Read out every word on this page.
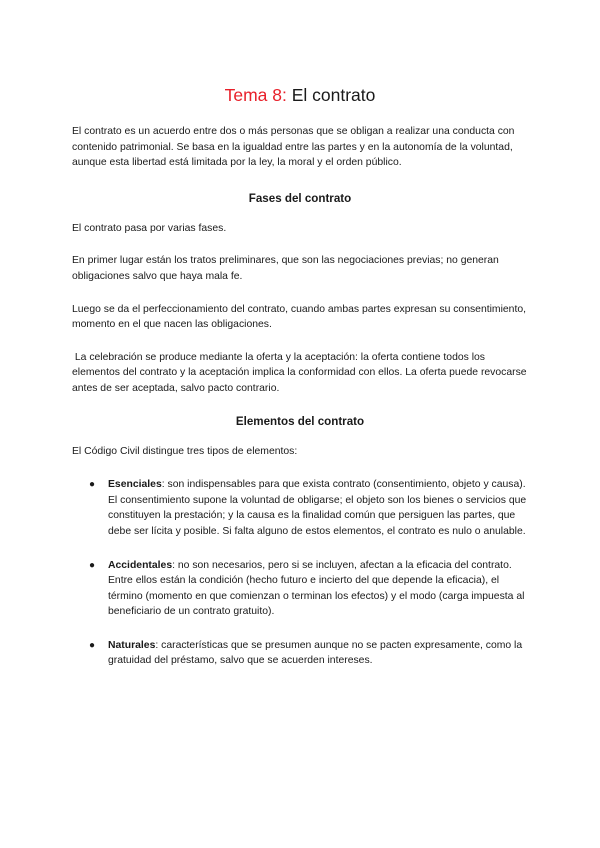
Tema 8: El contrato

El contrato es un acuerdo entre dos o más personas que se obligan a realizar una conducta con contenido patrimonial. Se basa en la igualdad entre las partes y en la autonomía de la voluntad, aunque esta libertad está limitada por la ley, la moral y el orden público.

Fases del contrato

El contrato pasa por varias fases.

En primer lugar están los tratos preliminares, que son las negociaciones previas; no generan obligaciones salvo que haya mala fe.

Luego se da el perfeccionamiento del contrato, cuando ambas partes expresan su consentimiento, momento en el que nacen las obligaciones.

La celebración se produce mediante la oferta y la aceptación: la oferta contiene todos los elementos del contrato y la aceptación implica la conformidad con ellos. La oferta puede revocarse antes de ser aceptada, salvo pacto contrario.

Elementos del contrato

El Código Civil distingue tres tipos de elementos:

● Esenciales: son indispensables para que exista contrato (consentimiento, objeto y causa). El consentimiento supone la voluntad de obligarse; el objeto son los bienes o servicios que constituyen la prestación; y la causa es la finalidad común que persiguen las partes, que debe ser lícita y posible. Si falta alguno de estos elementos, el contrato es nulo o anulable.
● Accidentales: no son necesarios, pero si se incluyen, afectan a la eficacia del contrato. Entre ellos están la condición (hecho futuro e incierto del que depende la eficacia), el término (momento en que comienzan o terminan los efectos) y el modo (carga impuesta al beneficiario de un contrato gratuito).
● Naturales: características que se presumen aunque no se pacten expresamente, como la gratuidad del préstamo, salvo que se acuerden intereses.
